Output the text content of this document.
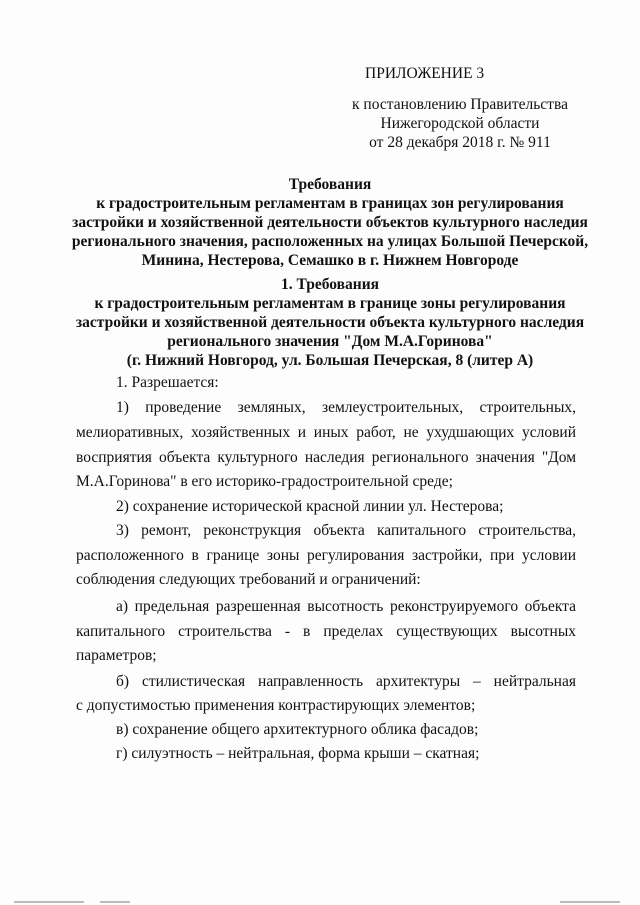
ПРИЛОЖЕНИЕ 3
к постановлению Правительства
Нижегородской области
от 28 декабря 2018 г. № 911
Требования
к градостроительным регламентам в границах зон регулирования
застройки и хозяйственной деятельности объектов культурного наследия
регионального значения, расположенных на улицах Большой Печерской,
Минина, Нестерова, Семашко в г. Нижнем Новгороде
1. Требования
к градостроительным регламентам в границе зоны регулирования
застройки и хозяйственной деятельности объекта культурного наследия
регионального значения "Дом М.А.Горинова"
(г. Нижний Новгород, ул. Большая Печерская, 8 (литер А)
1. Разрешается:
1) проведение земляных, землеустроительных, строительных,
мелиоративных, хозяйственных и иных работ, не ухудшающих условий
восприятия объекта культурного наследия регионального значения "Дом
М.А.Горинова" в его историко-градостроительной среде;
2) сохранение исторической красной линии ул. Нестерова;
3) ремонт, реконструкция объекта капитального строительства,
расположенного в границе зоны регулирования застройки, при условии
соблюдения следующих требований и ограничений:
а) предельная разрешенная высотность реконструируемого объекта
капитального строительства - в пределах существующих высотных
параметров;
б) стилистическая направленность архитектуры – нейтральная
с допустимостью применения контрастирующих элементов;
в) сохранение общего архитектурного облика фасадов;
г) силуэтность – нейтральная, форма крыши – скатная;
